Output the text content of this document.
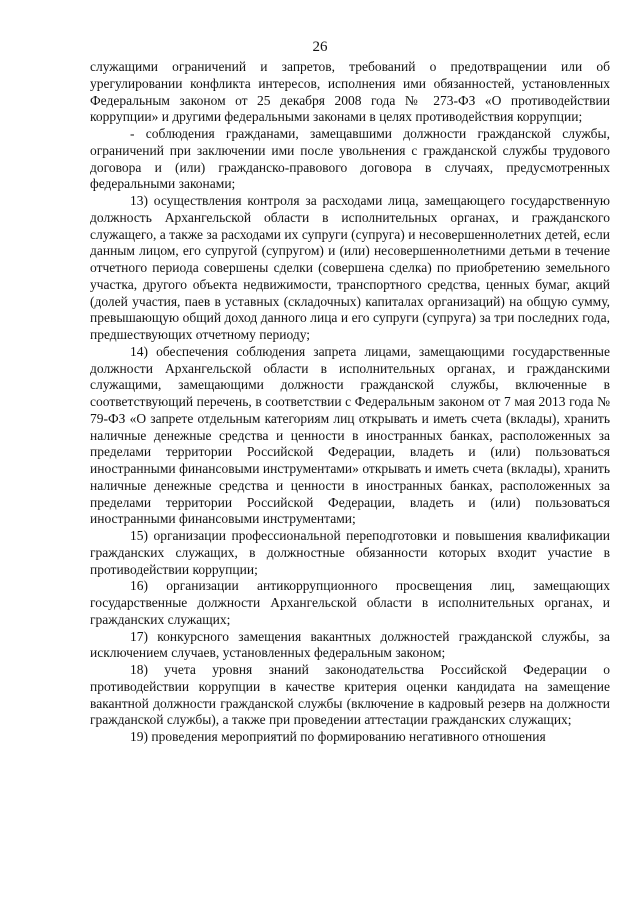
26

служащими ограничений и запретов, требований о предотвращении или об урегулировании конфликта интересов, исполнения ими обязанностей, установленных Федеральным законом от 25 декабря 2008 года № 273-ФЗ «О противодействии коррупции» и другими федеральными законами в целях противодействия коррупции;

- соблюдения гражданами, замещавшими должности гражданской службы, ограничений при заключении ими после увольнения с гражданской службы трудового договора и (или) гражданско-правового договора в случаях, предусмотренных федеральными законами;

13) осуществления контроля за расходами лица, замещающего государственную должность Архангельской области в исполнительных органах, и гражданского служащего, а также за расходами их супруги (супруга) и несовершеннолетних детей, если данным лицом, его супругой (супругом) и (или) несовершеннолетними детьми в течение отчетного периода совершены сделки (совершена сделка) по приобретению земельного участка, другого объекта недвижимости, транспортного средства, ценных бумаг, акций (долей участия, паев в уставных (складочных) капиталах организаций) на общую сумму, превышающую общий доход данного лица и его супруги (супруга) за три последних года, предшествующих отчетному периоду;

14) обеспечения соблюдения запрета лицами, замещающими государственные должности Архангельской области в исполнительных органах, и гражданскими служащими, замещающими должности гражданской службы, включенные в соответствующий перечень, в соответствии с Федеральным законом от 7 мая 2013 года № 79-ФЗ «О запрете отдельным категориям лиц открывать и иметь счета (вклады), хранить наличные денежные средства и ценности в иностранных банках, расположенных за пределами территории Российской Федерации, владеть и (или) пользоваться иностранными финансовыми инструментами» открывать и иметь счета (вклады), хранить наличные денежные средства и ценности в иностранных банках, расположенных за пределами территории Российской Федерации, владеть и (или) пользоваться иностранными финансовыми инструментами;

15) организации профессиональной переподготовки и повышения квалификации гражданских служащих, в должностные обязанности которых входит участие в противодействии коррупции;

16) организации антикоррупционного просвещения лиц, замещающих государственные должности Архангельской области в исполнительных органах, и гражданских служащих;

17) конкурсного замещения вакантных должностей гражданской службы, за исключением случаев, установленных федеральным законом;

18) учета уровня знаний законодательства Российской Федерации о противодействии коррупции в качестве критерия оценки кандидата на замещение вакантной должности гражданской службы (включение в кадровый резерв на должности гражданской службы), а также при проведении аттестации гражданских служащих;

19) проведения мероприятий по формированию негативного отношения
